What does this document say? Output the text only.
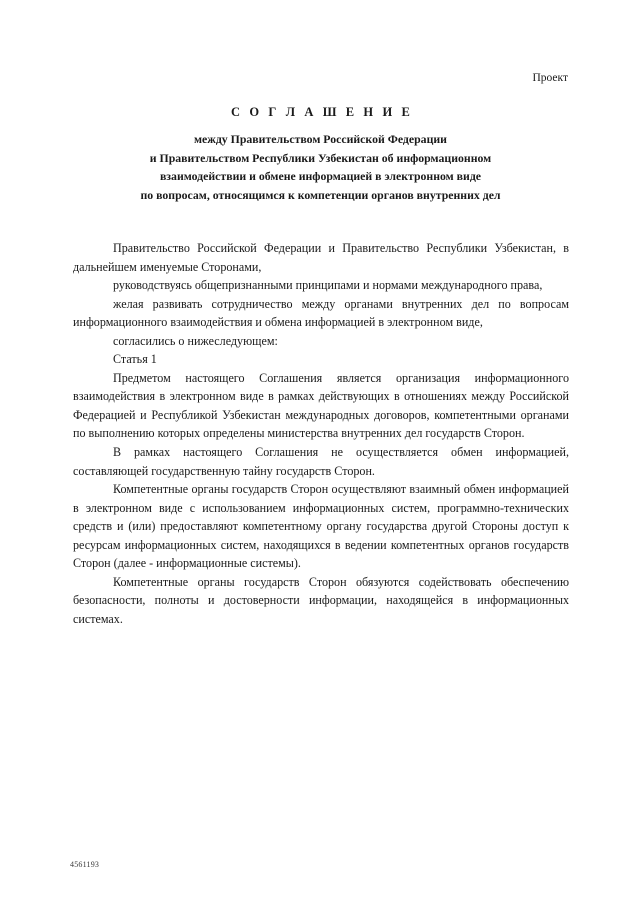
Проект
С О Г Л А Ш Е Н И Е
между Правительством Российской Федерации
и Правительством Республики Узбекистан об информационном
взаимодействии и обмене информацией в электронном виде
по вопросам, относящимся к компетенции органов внутренних дел

Правительство Российской Федерации и Правительство Республики Узбекистан, в дальнейшем именуемые Сторонами,

руководствуясь общепризнанными принципами и нормами международного права,

желая развивать сотрудничество между органами внутренних дел по вопросам информационного взаимодействия и обмена информацией в электронном виде,

согласились о нижеследующем:

Статья 1

Предметом настоящего Соглашения является организация информационного взаимодействия в электронном виде в рамках действующих в отношениях между Российской Федерацией и Республикой Узбекистан международных договоров, компетентными органами по выполнению которых определены министерства внутренних дел государств Сторон.

В рамках настоящего Соглашения не осуществляется обмен информацией, составляющей государственную тайну государств Сторон.

Компетентные органы государств Сторон осуществляют взаимный обмен информацией в электронном виде с использованием информационных систем, программно-технических средств и (или) предоставляют компетентному органу государства другой Стороны доступ к ресурсам информационных систем, находящихся в ведении компетентных органов государств Сторон (далее - информационные системы).

Компетентные органы государств Сторон обязуются содействовать обеспечению безопасности, полноты и достоверности информации, находящейся в информационных системах.

4561193
